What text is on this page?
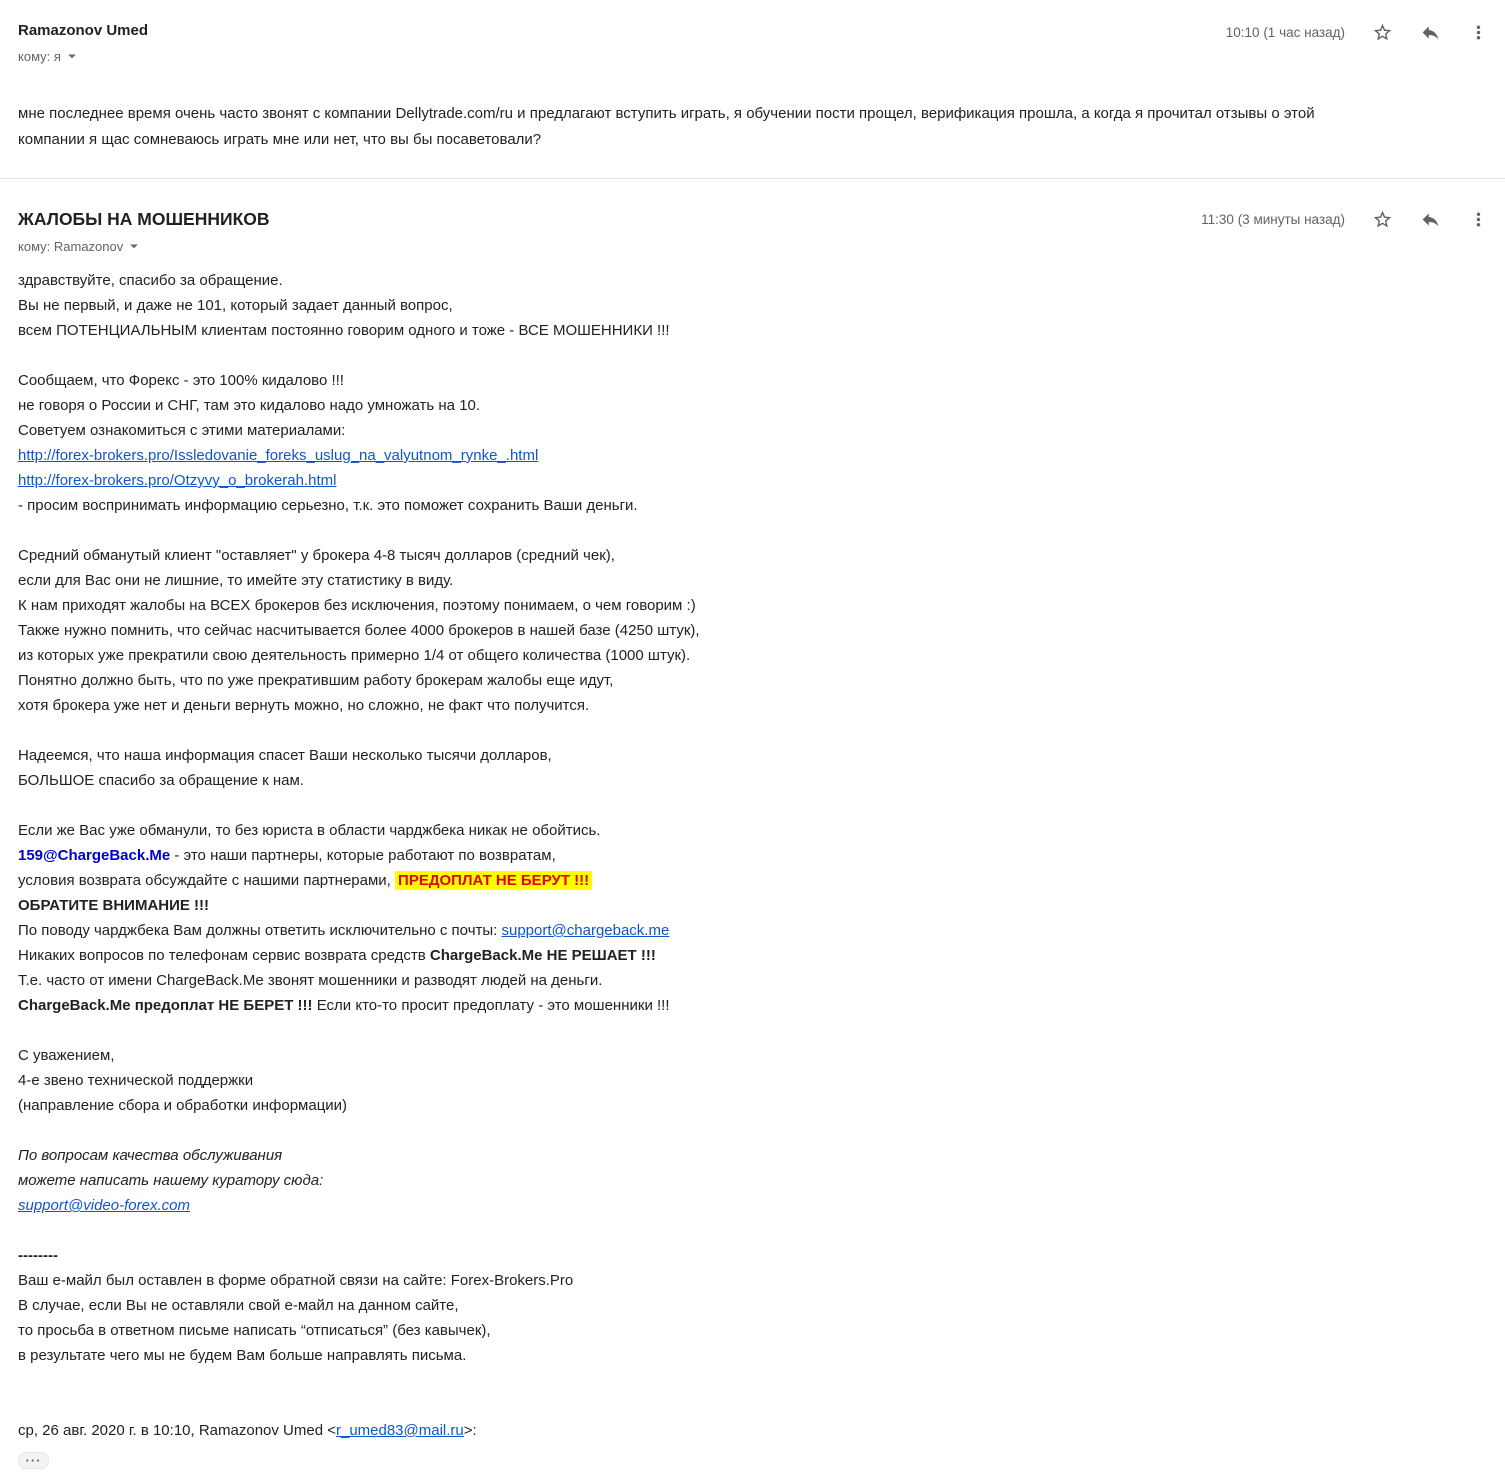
Ramazonov Umed
кому: я
10:10 (1 час назад)
мне последнее время очень часто звонят с компании Dellytrade.com/ru и предлагают вступить играть, я обучении пости прощел, верификация прошла, а когда я прочитал отзывы о этой
компании я щас сомневаюсь играть мне или нет, что вы бы посаветовали?
ЖАЛОБЫ НА МОШЕННИКОВ
кому: Ramazonov
11:30 (3 минуты назад)
здравствуйте, спасибо за обращение.
Вы не первый, и даже не 101, который задает данный вопрос,
всем ПОТЕНЦИАЛЬНЫМ клиентам постоянно говорим одного и тоже - ВСЕ МОШЕННИКИ !!!

Сообщаем, что Форекс - это 100% кидалово !!!
не говоря о России и СНГ, там это кидалово надо умножать на 10.
Советуем ознакомиться с этими материалами:
http://forex-brokers.pro/Issledovanie_foreks_uslug_na_valyutnom_rynke_.html
http://forex-brokers.pro/Otzyvy_o_brokerah.html
- просим воспринимать информацию серьезно, т.к. это поможет сохранить Ваши деньги.

Средний обманутый клиент "оставляет" у брокера 4-8 тысяч долларов (средний чек),
если для Вас они не лишние, то имейте эту статистику в виду.
К нам приходят жалобы на ВСЕХ брокеров без исключения, поэтому понимаем, о чем говорим :)
Также нужно помнить, что сейчас насчитывается более 4000 брокеров в нашей базе (4250 штук),
из которых уже прекратили свою деятельность примерно 1/4 от общего количества (1000 штук).
Понятно должно быть, что по уже прекратившим работу брокерам жалобы еще идут,
хотя брокера уже нет и деньги вернуть можно, но сложно, не факт что получится.

Надеемся, что наша информация спасет Ваши несколько тысячи долларов,
БОЛЬШОЕ спасибо за обращение к нам.

Если же Вас уже обманули, то без юриста в области чарджбека никак не обойтись.
159@ChargeBack.Me - это наши партнеры, которые работают по возвратам,
условия возврата обсуждайте с нашими партнерами, ПРЕДОПЛАТ НЕ БЕРУТ !!!
ОБРАТИТЕ ВНИМАНИЕ !!!
По поводу чарджбека Вам должны ответить исключительно с почты: support@chargeback.me
Никаких вопросов по телефонам сервис возврата средств ChargeBack.Me НЕ РЕШАЕТ !!!
Т.е. часто от имени ChargeBack.Me звонят мошенники и разводят людей на деньги.
ChargeBack.Me предоплат НЕ БЕРЕТ !!! Если кто-то просит предоплату - это мошенники !!!

С уважением,
4-е звено технической поддержки
(направление сбора и обработки информации)

По вопросам качества обслуживания
можете написать нашему куратору сюда:
support@video-forex.com

--------
Ваш е-майл был оставлен в форме обратной связи на сайте: Forex-Brokers.Pro
В случае, если Вы не оставляли свой е-майл на данном сайте,
то просьба в ответном письме написать “отписаться” (без кавычек),
в результате чего мы не будем Вам больше направлять письма.

ср, 26 авг. 2020 г. в 10:10, Ramazonov Umed <r_umed83@mail.ru>:
···
